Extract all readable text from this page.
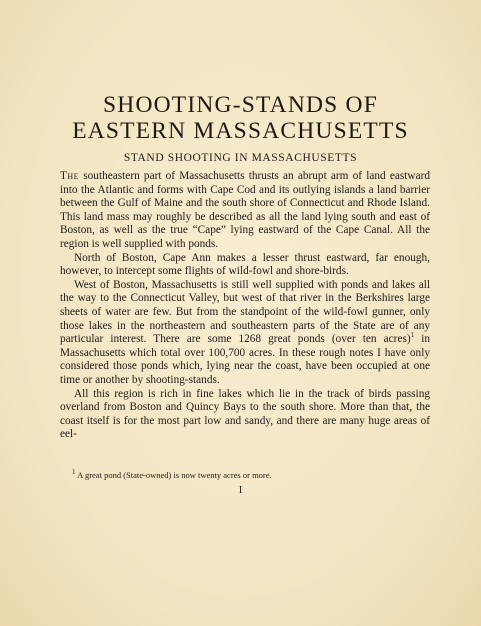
SHOOTING-STANDS OF
EASTERN MASSACHUSETTS
STAND SHOOTING IN MASSACHUSETTS

The southeastern part of Massachusetts thrusts an abrupt arm of land eastward into the Atlantic and forms with Cape Cod and its outlying islands a land barrier between the Gulf of Maine and the south shore of Connecticut and Rhode Island. This land mass may roughly be described as all the land lying south and east of Boston, as well as the true “Cape” lying eastward of the Cape Canal. All the region is well supplied with ponds.

North of Boston, Cape Ann makes a lesser thrust eastward, far enough, however, to intercept some flights of wild-fowl and shore-birds.

West of Boston, Massachusetts is still well supplied with ponds and lakes all the way to the Connecticut Valley, but west of that river in the Berkshires large sheets of water are few. But from the standpoint of the wild-fowl gunner, only those lakes in the northeastern and southeastern parts of the State are of any particular interest. There are some 1268 great ponds (over ten acres)$^1$ in Massachusetts which total over 100,700 acres. In these rough notes I have only considered those ponds which, lying near the coast, have been occupied at one time or another by shooting-stands.

All this region is rich in fine lakes which lie in the track of birds passing overland from Boston and Quincy Bays to the south shore. More than that, the coast itself is for the most part low and sandy, and there are many huge areas of eel-

$^1$ A great pond (State-owned) is now twenty acres or more.
I
